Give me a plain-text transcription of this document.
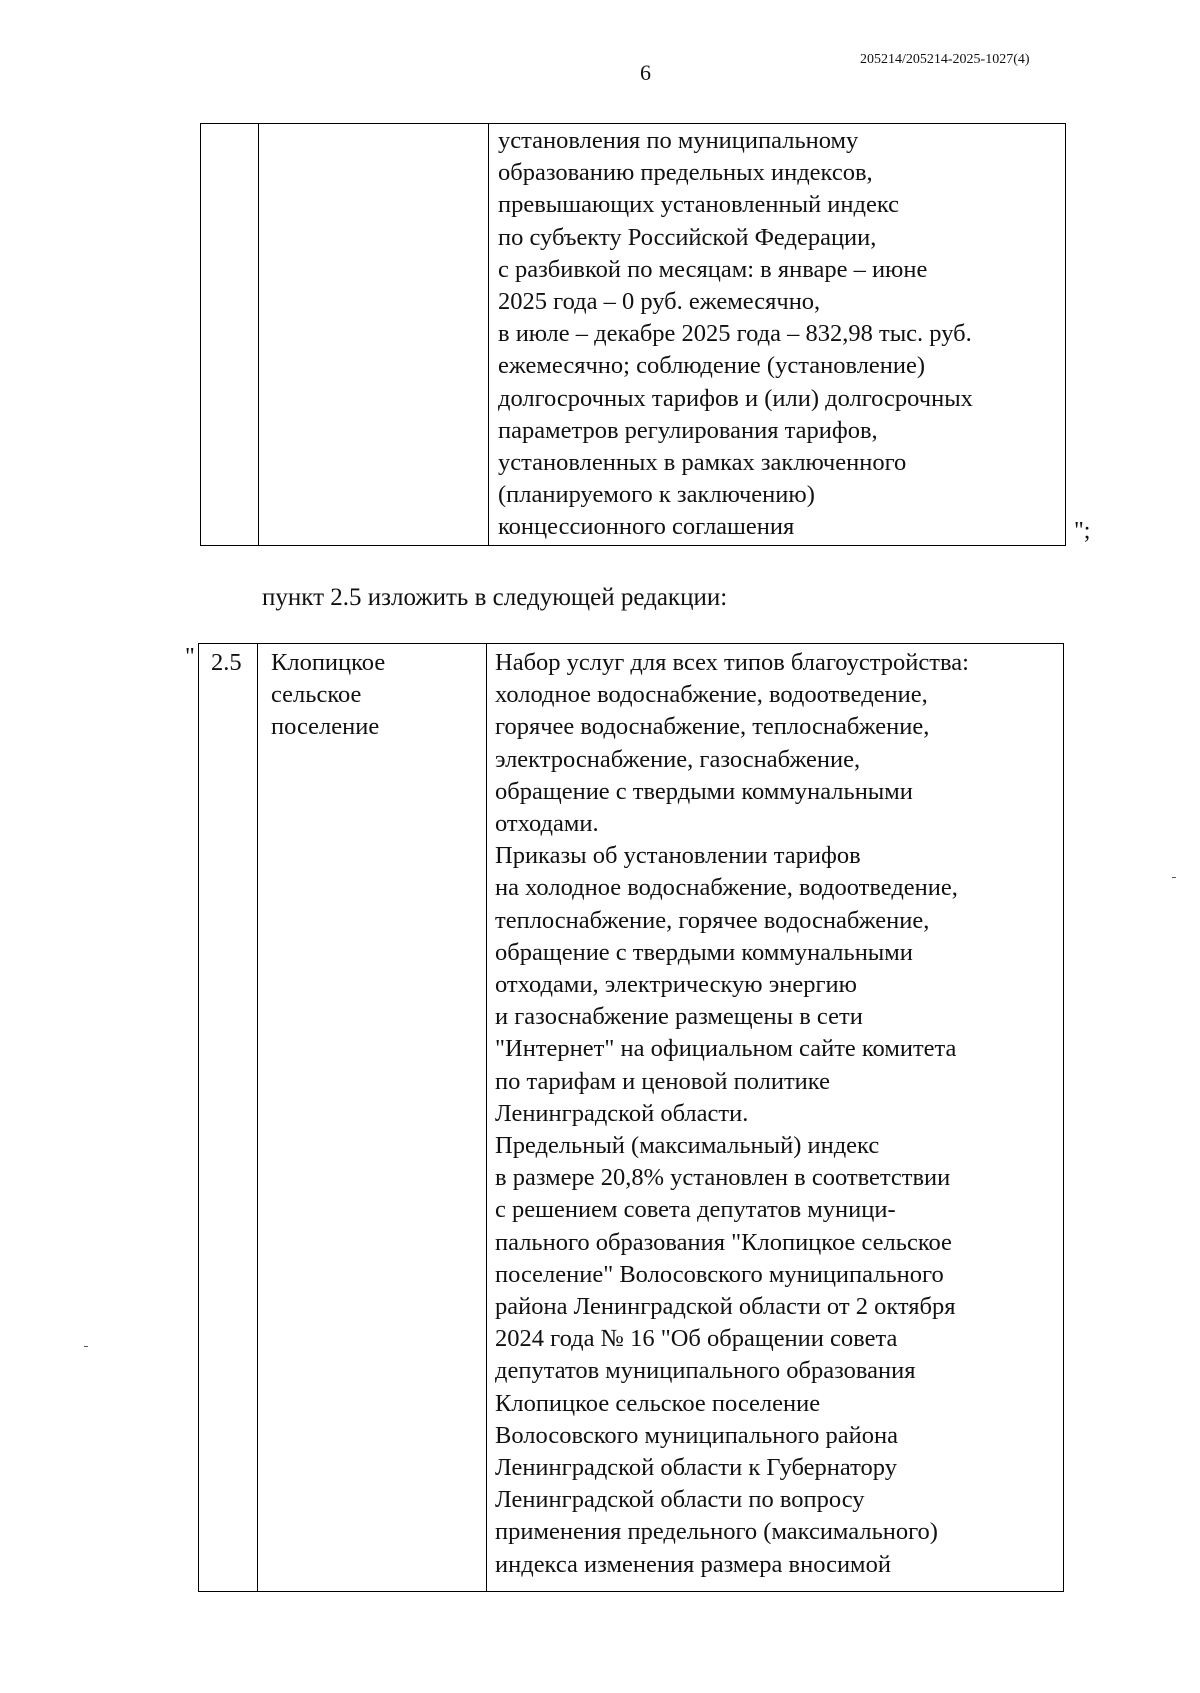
6
205214/205214-2025-1027(4)
установления по муниципальному
образованию предельных индексов,
превышающих установленный индекс
по субъекту Российской Федерации,
с разбивкой по месяцам: в январе – июне
2025 года – 0 руб. ежемесячно,
в июле – декабре 2025 года – 832,98 тыс. руб.
ежемесячно; соблюдение (установление)
долгосрочных тарифов и (или) долгосрочных
параметров регулирования тарифов,
установленных в рамках заключенного
(планируемого к заключению)
концессионного соглашения	";
пункт 2.5 изложить в следующей редакции:
" 2.5 Клопицкое
сельское
поселение
Набор услуг для всех типов благоустройства:
холодное водоснабжение, водоотведение,
горячее водоснабжение, теплоснабжение,
электроснабжение, газоснабжение,
обращение с твердыми коммунальными
отходами.
Приказы об установлении тарифов
на холодное водоснабжение, водоотведение,
теплоснабжение, горячее водоснабжение,
обращение с твердыми коммунальными
отходами, электрическую энергию
и газоснабжение размещены в сети
"Интернет" на официальном сайте комитета
по тарифам и ценовой политике
Ленинградской области.
Предельный (максимальный) индекс
в размере 20,8% установлен в соответствии
с решением совета депутатов муници-
пального образования "Клопицкое сельское
поселение" Волосовского муниципального
района Ленинградской области от 2 октября
2024 года № 16 "Об обращении совета
депутатов муниципального образования
Клопицкое сельское поселение
Волосовского муниципального района
Ленинградской области к Губернатору
Ленинградской области по вопросу
применения предельного (максимального)
индекса изменения размера вносимой
